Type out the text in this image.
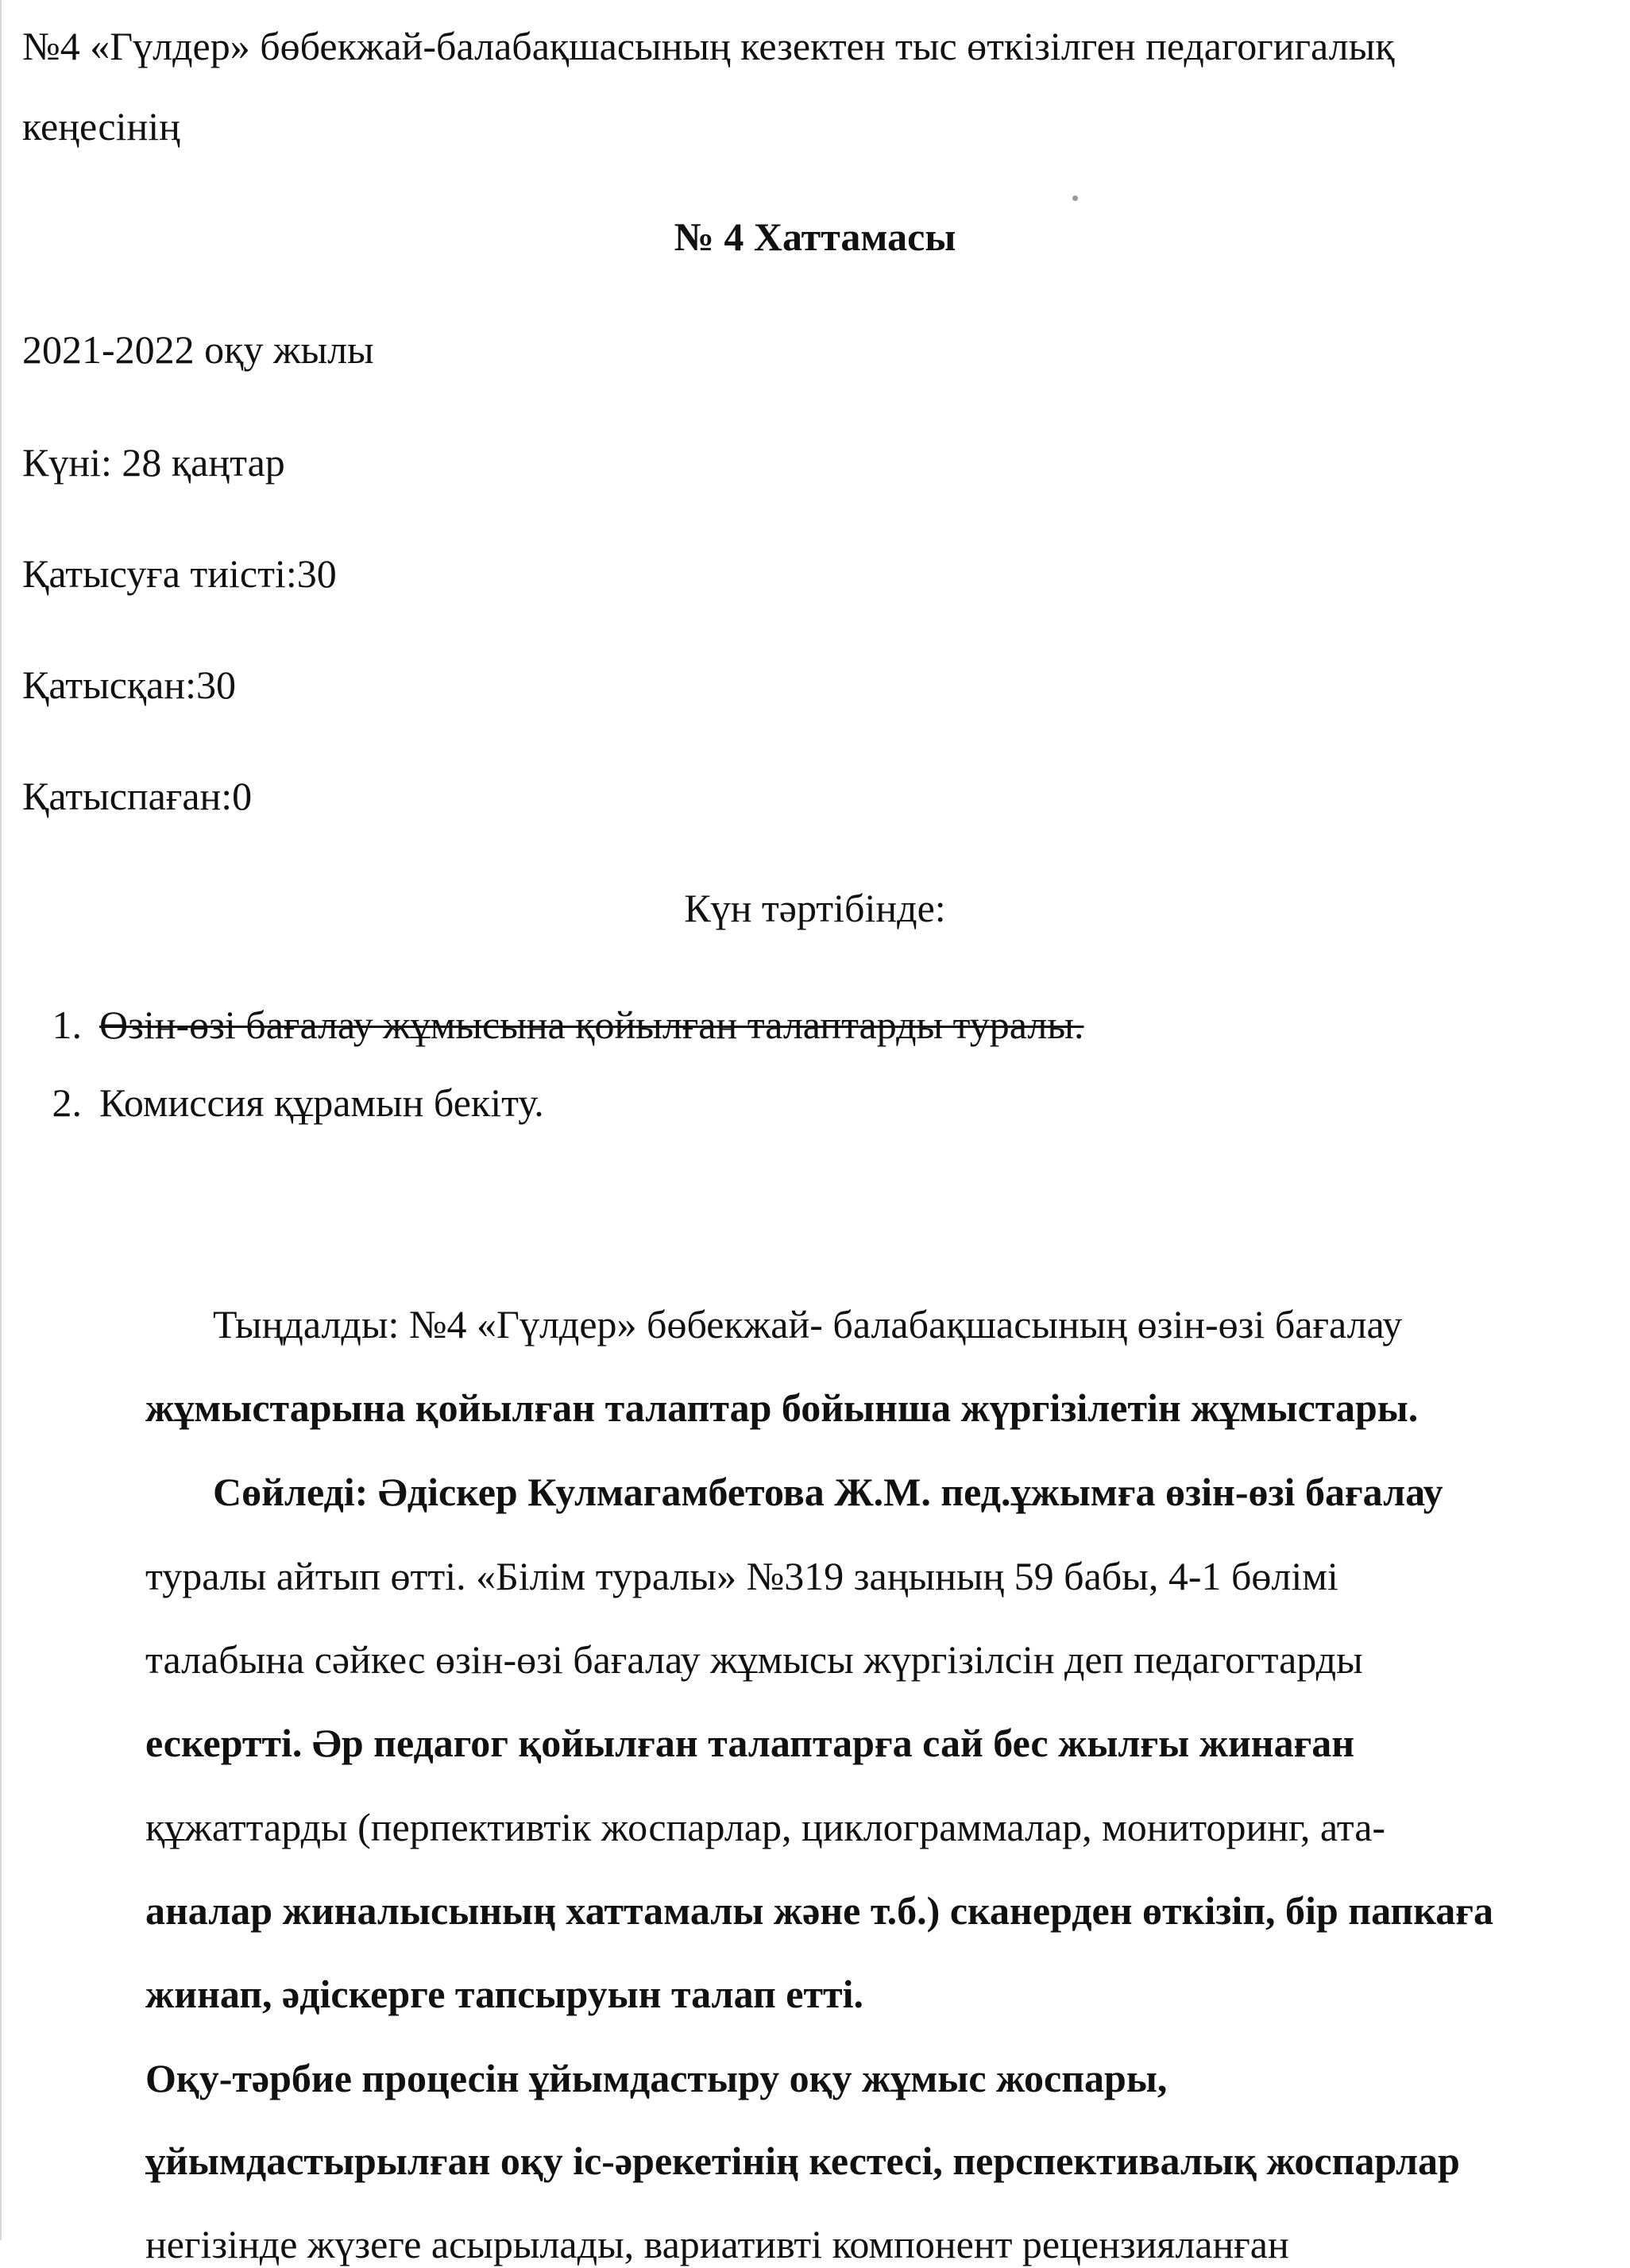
№4 «Гүлдер» бөбекжай-балабақшасының кезектен тыс өткізілген педагогигалық
кеңесінің
№ 4 Хаттамасы
2021-2022 оқу жылы
Күні: 28 қаңтар
Қатысуға тиісті:30
Қатысқан:30
Қатыспаған:0
Күн тәртібінде:
1. Өзін-өзі бағалау жұмысына қойылған талаптарды туралы.
2. Комиссия құрамын бекіту.
Тыңдалды: №4 «Гүлдер» бөбекжай- балабақшасының өзін-өзі бағалау
жұмыстарына қойылған талаптар бойынша жүргізілетін жұмыстары.
Сөйледі: Әдіскер Кулмагамбетова Ж.М. пед.ұжымға өзін-өзі бағалау
туралы айтып өтті. «Білім туралы» №319 заңының 59 бабы, 4-1 бөлімі
талабына сәйкес өзін-өзі бағалау жұмысы жүргізілсін деп педагогтарды
ескертті. Әр педагог қойылған талаптарға сай бес жылғы жинаған
құжаттарды (перпективтік жоспарлар, циклограммалар, мониторинг, ата-
аналар жиналысының хаттамалы және т.б.) сканерден өткізіп, бір папкаға
жинап, әдіскерге тапсыруын талап етті.
Оқу-тәрбие процесін ұйымдастыру оқу жұмыс жоспары,
ұйымдастырылған оқу іс-әрекетінің кестесі, перспективалық жоспарлар
негізінде жүзеге асырылады, вариативті компонент рецензияланған
